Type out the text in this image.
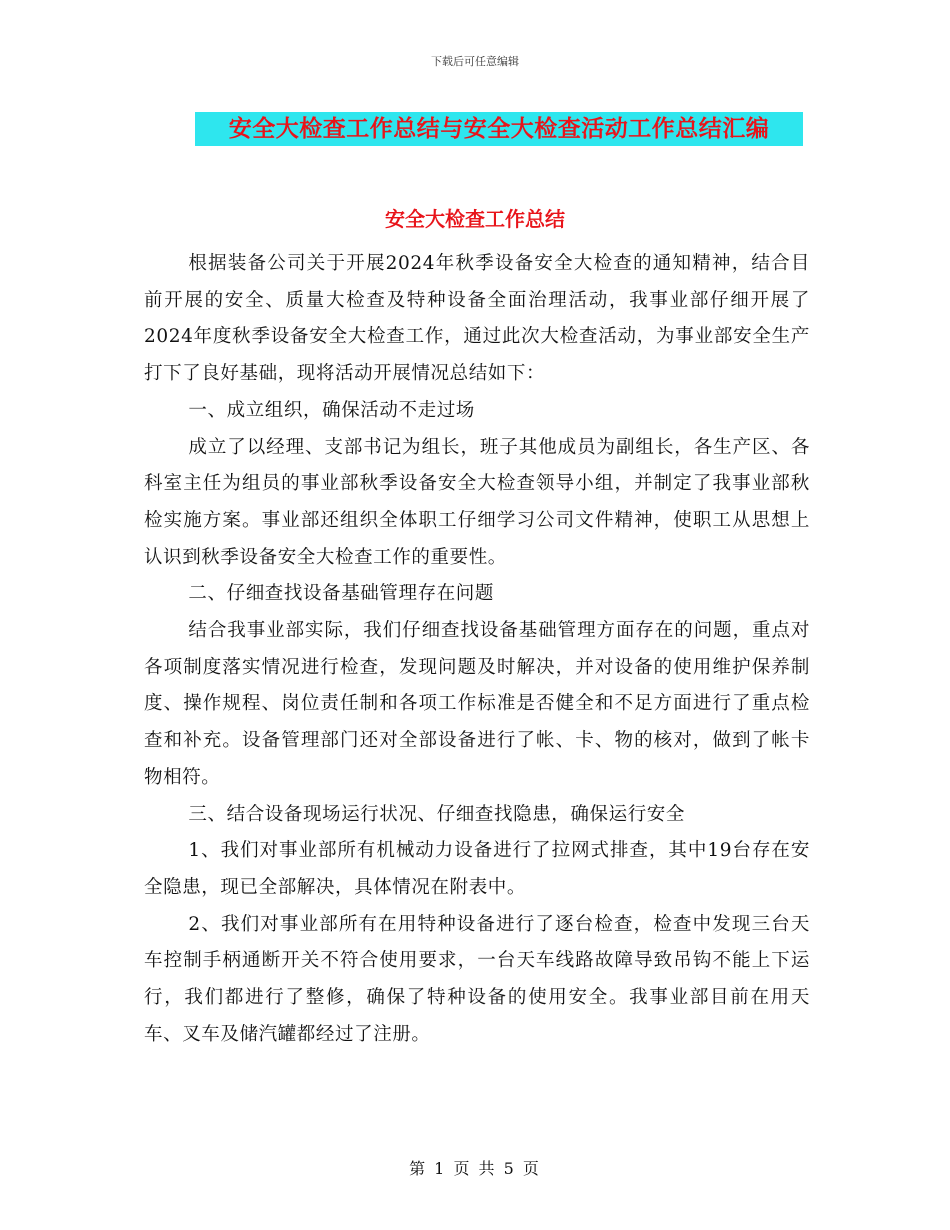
下载后可任意编辑
安全大检查工作总结与安全大检查活动工作总结汇编
安全大检查工作总结

根据装备公司关于开展2024年秋季设备安全大检查的通知精神，结合目前开展的安全、质量大检查及特种设备全面治理活动，我事业部仔细开展了2024年度秋季设备安全大检查工作，通过此次大检查活动，为事业部安全生产打下了良好基础，现将活动开展情况总结如下：

一、成立组织，确保活动不走过场

成立了以经理、支部书记为组长，班子其他成员为副组长，各生产区、各科室主任为组员的事业部秋季设备安全大检查领导小组，并制定了我事业部秋检实施方案。事业部还组织全体职工仔细学习公司文件精神，使职工从思想上认识到秋季设备安全大检查工作的重要性。

二、仔细查找设备基础管理存在问题

结合我事业部实际，我们仔细查找设备基础管理方面存在的问题，重点对各项制度落实情况进行检查，发现问题及时解决，并对设备的使用维护保养制度、操作规程、岗位责任制和各项工作标准是否健全和不足方面进行了重点检查和补充。设备管理部门还对全部设备进行了帐、卡、物的核对，做到了帐卡物相符。

三、结合设备现场运行状况、仔细查找隐患，确保运行安全

1、我们对事业部所有机械动力设备进行了拉网式排查，其中19台存在安全隐患，现已全部解决，具体情况在附表中。

2、我们对事业部所有在用特种设备进行了逐台检查，检查中发现三台天车控制手柄通断开关不符合使用要求，一台天车线路故障导致吊钩不能上下运行，我们都进行了整修，确保了特种设备的使用安全。我事业部目前在用天车、叉车及储汽罐都经过了注册。

第 1 页 共 5 页
